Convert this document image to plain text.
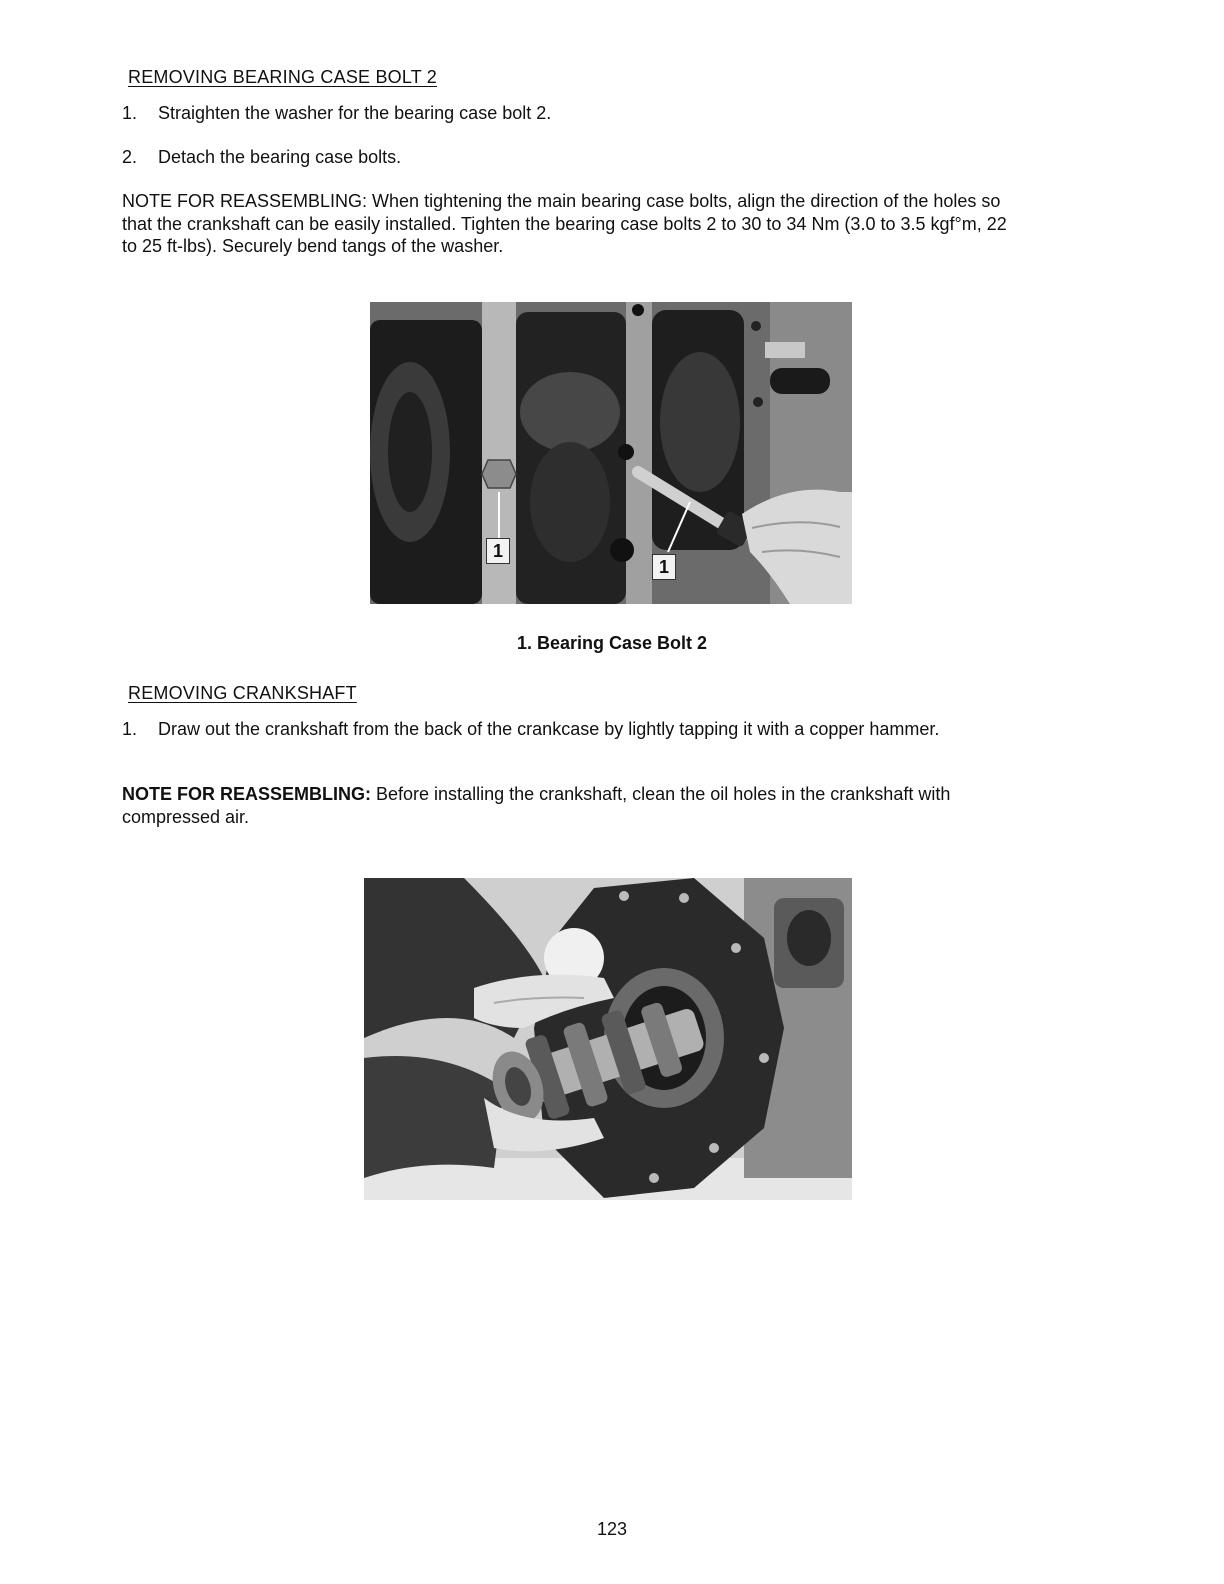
REMOVING BEARING CASE BOLT 2
1.	Straighten the washer for the bearing case bolt 2.
2.	Detach the bearing case bolts.
NOTE FOR REASSEMBLING: When tightening the main bearing case bolts, align the direction of the holes so that the crankshaft can be easily installed. Tighten the bearing case bolts 2 to 30 to 34 Nm (3.0 to 3.5 kgf°m, 22 to 25 ft-lbs). Securely bend tangs of the washer.
1
1
1. Bearing Case Bolt 2
REMOVING CRANKSHAFT
1.	Draw out the crankshaft from the back of the crankcase by lightly tapping it with a copper hammer.
NOTE FOR REASSEMBLING: Before installing the crankshaft, clean the oil holes in the crankshaft with compressed air.
123
